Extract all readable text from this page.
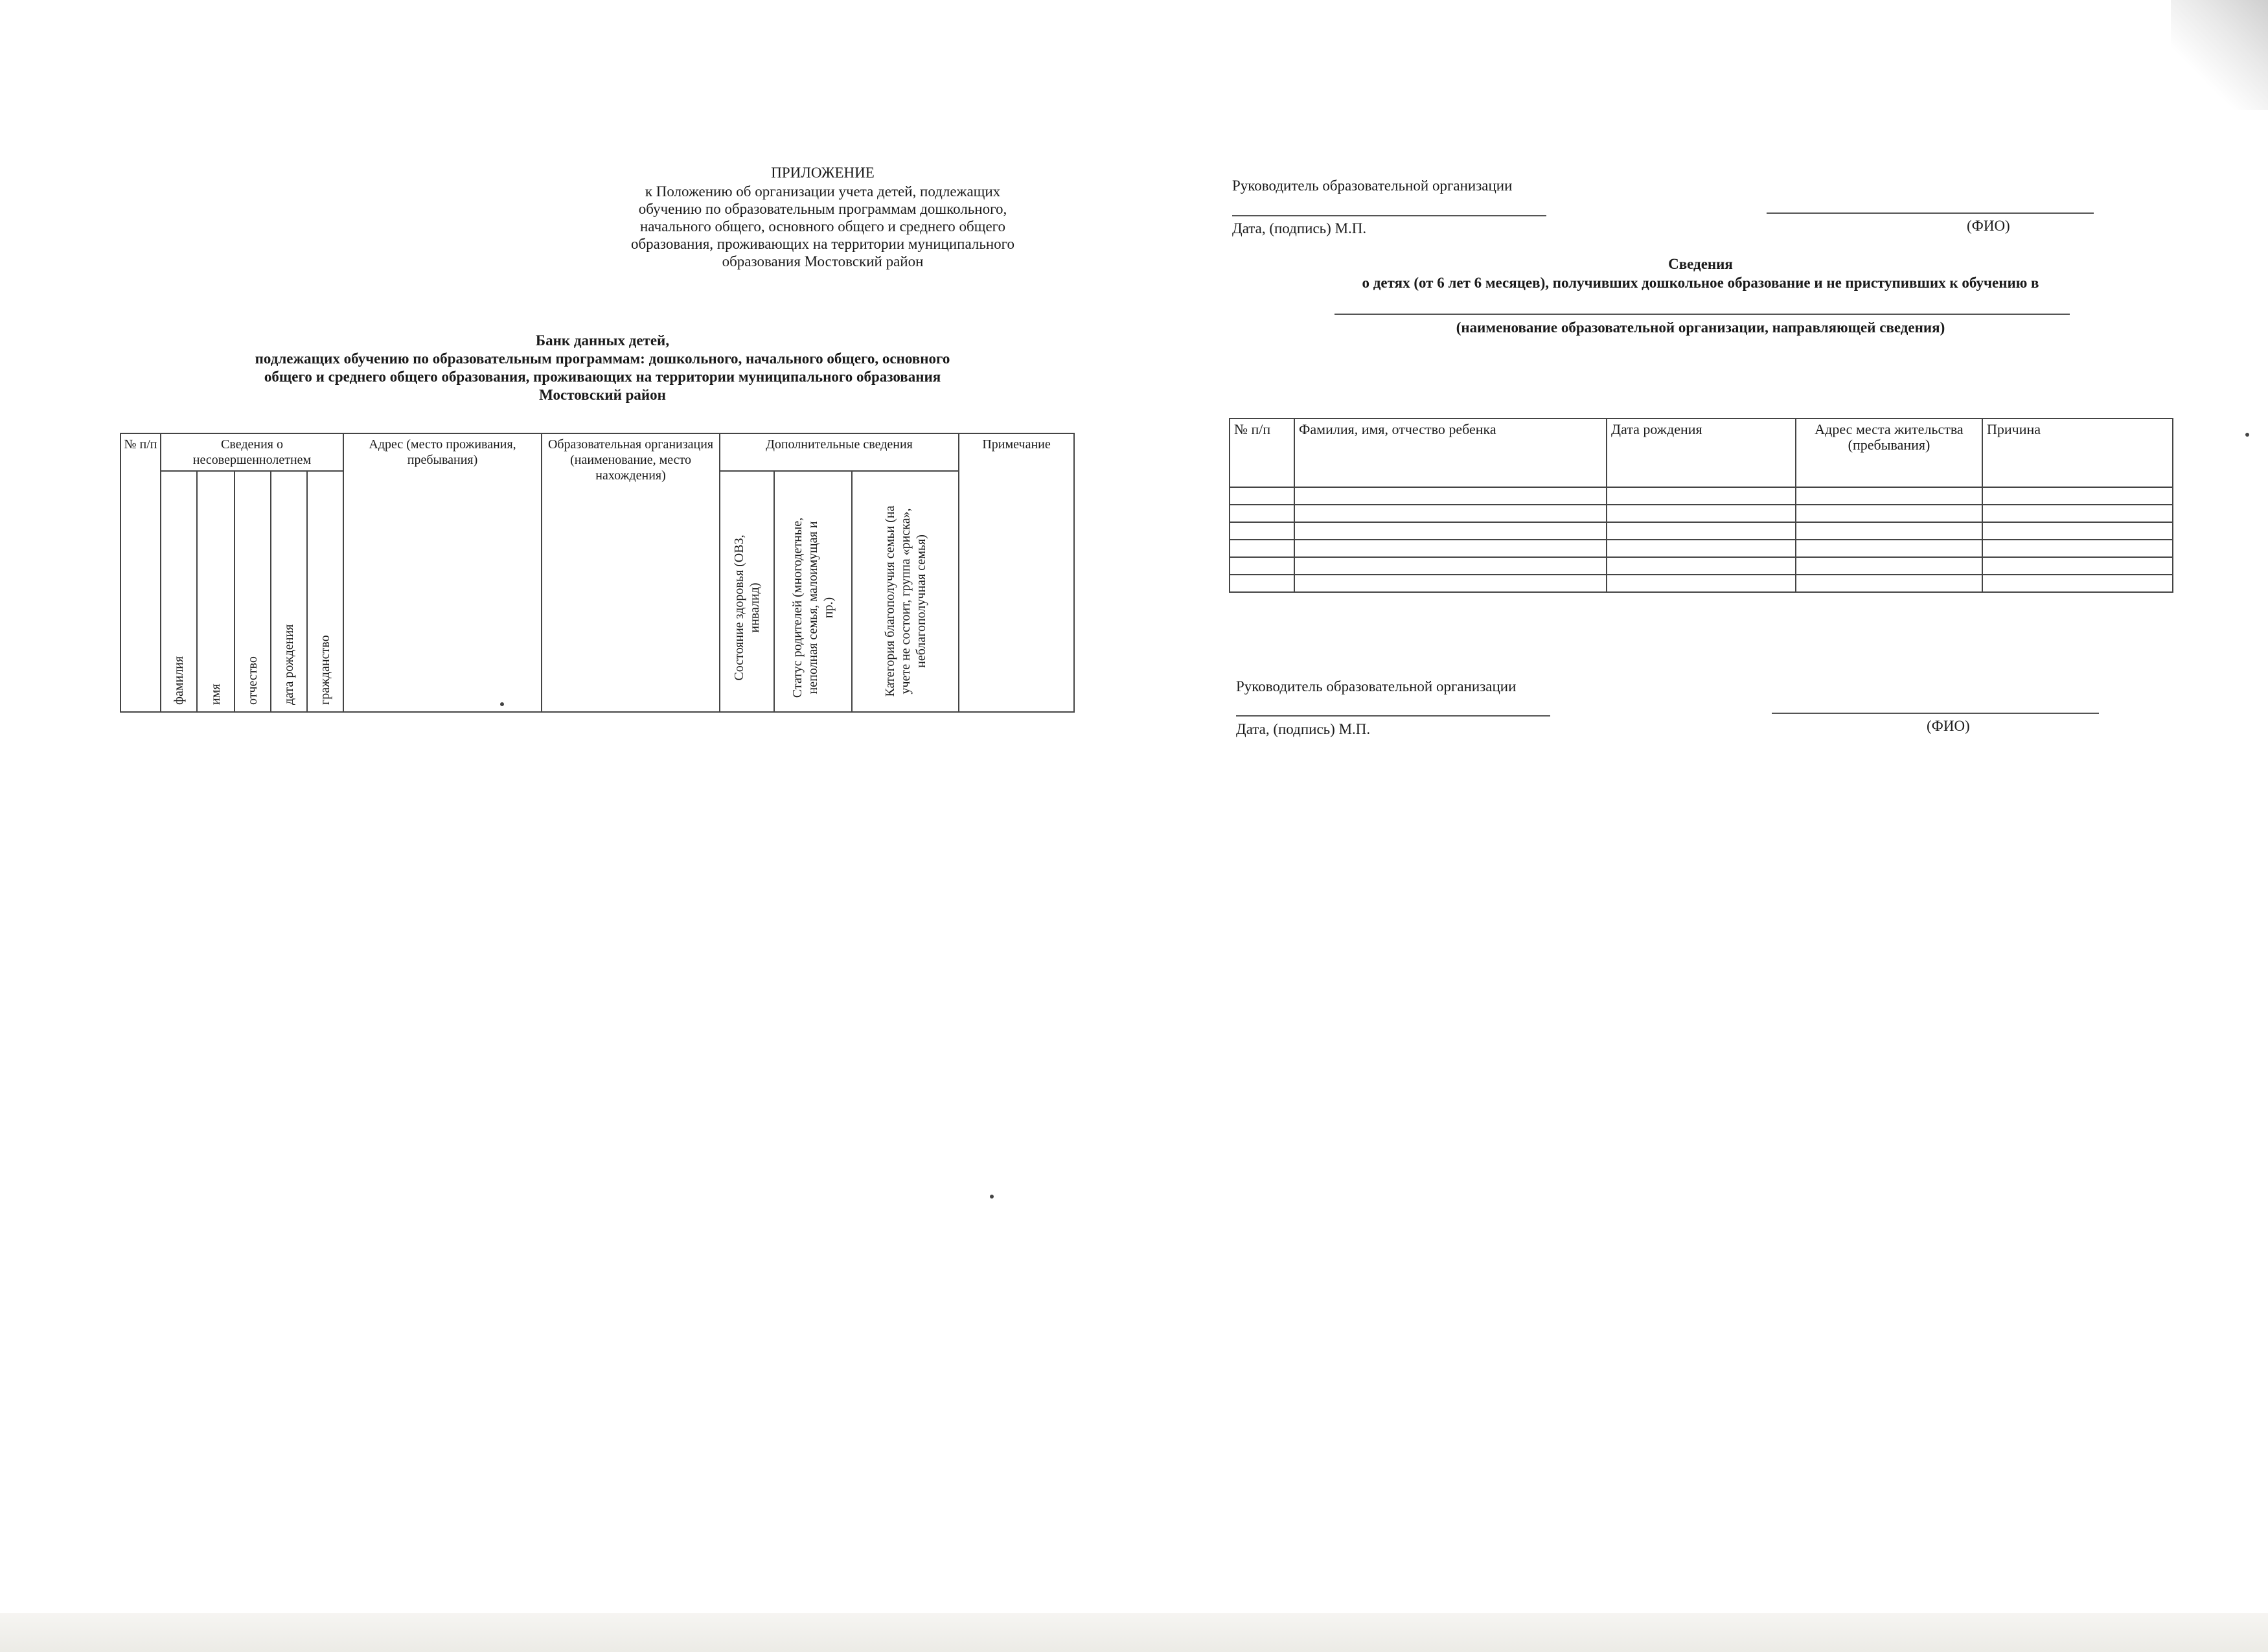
ПРИЛОЖЕНИЕ
к Положению об организации учета детей, подлежащих
обучению по образовательным программам дошкольного,
начального общего, основного общего и среднего общего
образования, проживающих на территории муниципального
образования Мостовский район
Банк данных детей,
подлежащих обучению по образовательным программам: дошкольного, начального общего, основного
общего и среднего общего образования, проживающих на территории муниципального образования
Мостовский район
№ п/п	Сведения о несовершеннолетнем					Адрес (место проживания, пребывания)	Образовательная организация (наименование, место нахождения)	Дополнительные сведения			Примечание

	фамилия	имя	отчество	дата рождения	гражданство			Состояние здоровья (ОВЗ, инвалид)	Статус родителей (многодетные, неполная семья, малоимущая и пр.)	Категория благополучия семьи (на учете не состоит, группа «риска», неблагополучная семья)	
Руководитель образовательной организации
Дата, (подпись) М.П.	(ФИО)
Сведения
о детях (от 6 лет 6 месяцев), получивших дошкольное образование и не приступивших к обучению в
(наименование образовательной организации, направляющей сведения)
№ п/п	Фамилия, имя, отчество ребенка	Дата рождения	Адрес места жительства (пребывания)	Причина

Руководитель образовательной организации
Дата, (подпись) М.П.	(ФИО)
